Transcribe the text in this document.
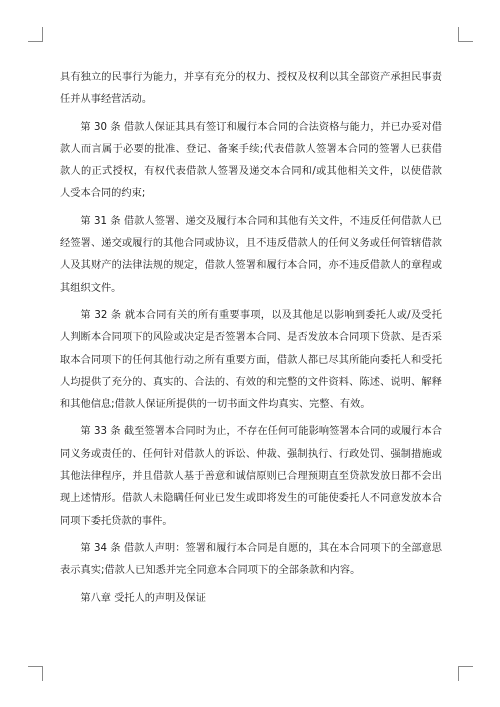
具有独立的民事行为能力，并享有充分的权力、授权及权利以其全部资产承担民事责任并从事经营活动。

第 30 条 借款人保证其具有签订和履行本合同的合法资格与能力，并已办妥对借款人而言属于必要的批准、登记、备案手续;代表借款人签署本合同的签署人已获借款人的正式授权，有权代表借款人签署及递交本合同和/或其他相关文件，以使借款人受本合同的约束;

第 31 条 借款人签署、递交及履行本合同和其他有关文件，不违反任何借款人已经签署、递交或履行的其他合同或协议，且不违反借款人的任何义务或任何管辖借款人及其财产的法律法规的规定，借款人签署和履行本合同，亦不违反借款人的章程或其组织文件。

第 32 条 就本合同有关的所有重要事项，以及其他足以影响到委托人或/及受托人判断本合同项下的风险或决定是否签署本合同、是否发放本合同项下贷款、是否采取本合同项下的任何其他行动之所有重要方面，借款人都已尽其所能向委托人和受托人均提供了充分的、真实的、合法的、有效的和完整的文件资料、陈述、说明、解释和其他信息;借款人保证所提供的一切书面文件均真实、完整、有效。

第 33 条 截至签署本合同时为止，不存在任何可能影响签署本合同的或履行本合同义务或责任的、任何针对借款人的诉讼、仲裁、强制执行、行政处罚、强制措施或其他法律程序，并且借款人基于善意和诚信原则已合理预期直至贷款发放日都不会出现上述情形。借款人未隐瞒任何业已发生或即将发生的可能使委托人不同意发放本合同项下委托贷款的事件。

第 34 条 借款人声明：签署和履行本合同是自愿的，其在本合同项下的全部意思表示真实;借款人已知悉并完全同意本合同项下的全部条款和内容。

第八章 受托人的声明及保证
